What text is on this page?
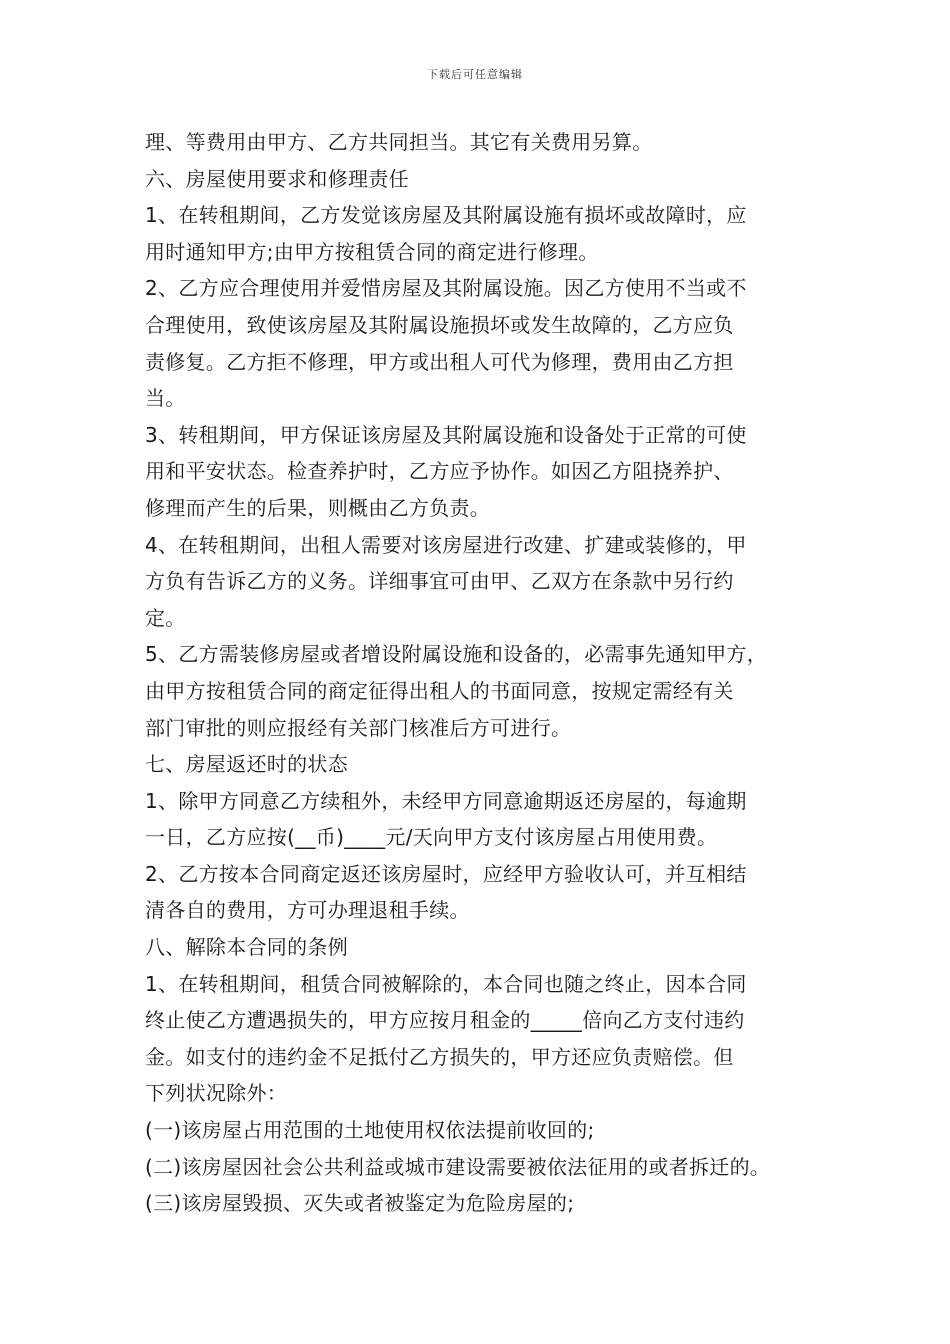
下载后可任意编辑
理、等费用由甲方、乙方共同担当。其它有关费用另算。
六、房屋使用要求和修理责任
1、在转租期间，乙方发觉该房屋及其附属设施有损坏或故障时，应
用时通知甲方;由甲方按租赁合同的商定进行修理。
2、乙方应合理使用并爱惜房屋及其附属设施。因乙方使用不当或不
合理使用，致使该房屋及其附属设施损坏或发生故障的，乙方应负
责修复。乙方拒不修理，甲方或出租人可代为修理，费用由乙方担
当。
3、转租期间，甲方保证该房屋及其附属设施和设备处于正常的可使
用和平安状态。检查养护时，乙方应予协作。如因乙方阻挠养护、
修理而产生的后果，则概由乙方负责。
4、在转租期间，出租人需要对该房屋进行改建、扩建或装修的，甲
方负有告诉乙方的义务。详细事宜可由甲、乙双方在条款中另行约
定。
5、乙方需装修房屋或者增设附属设施和设备的，必需事先通知甲方，
由甲方按租赁合同的商定征得出租人的书面同意，按规定需经有关
部门审批的则应报经有关部门核准后方可进行。
七、房屋返还时的状态
1、除甲方同意乙方续租外，未经甲方同意逾期返还房屋的，每逾期
一日，乙方应按(__币)____元/天向甲方支付该房屋占用使用费。
2、乙方按本合同商定返还该房屋时，应经甲方验收认可，并互相结
清各自的费用，方可办理退租手续。
八、解除本合同的条例
1、在转租期间，租赁合同被解除的，本合同也随之终止，因本合同
终止使乙方遭遇损失的，甲方应按月租金的_____倍向乙方支付违约
金。如支付的违约金不足抵付乙方损失的，甲方还应负责赔偿。但
下列状况除外：
(一)该房屋占用范围的土地使用权依法提前收回的;
(二)该房屋因社会公共利益或城市建设需要被依法征用的或者拆迁的。
(三)该房屋毁损、灭失或者被鉴定为危险房屋的;
